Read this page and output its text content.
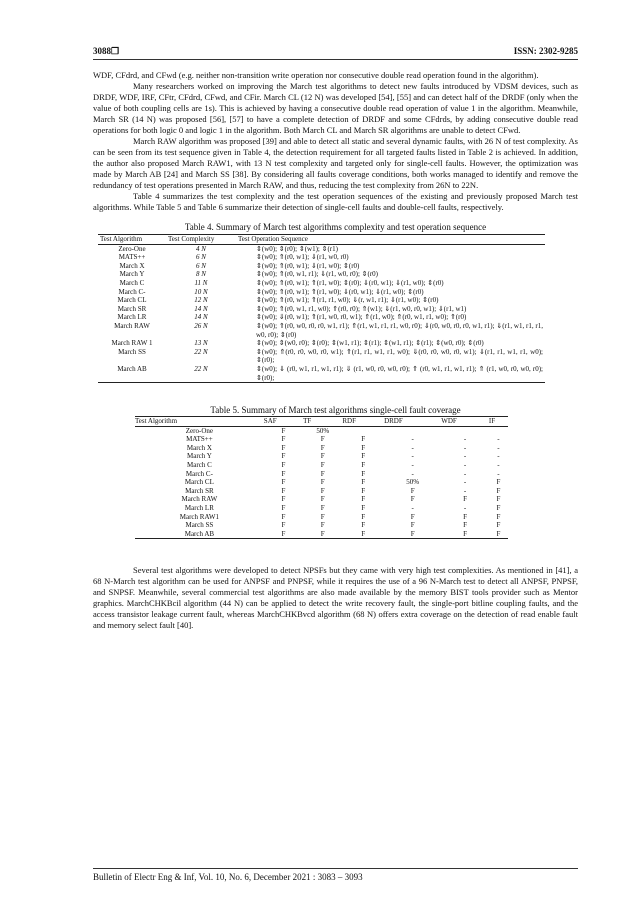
3088❒	ISSN: 2302-9285

WDF, CFdrd, and CFwd (e.g. neither non-transition write operation nor consecutive double read operation found in the algorithm).

Many researchers worked on improving the March test algorithms to detect new faults introduced by VDSM devices, such as DRDF, WDF, IRF, CFtr, CFdrd, CFwd, and CFir. March CL (12 N) was developed [54], [55] and can detect half of the DRDF (only when the value of both coupling cells are 1s). This is achieved by having a consecutive double read operation of value 1 in the algorithm. Meanwhile, March SR (14 N) was proposed [56], [57] to have a complete detection of DRDF and some CFdrds, by adding consecutive double read operations for both logic 0 and logic 1 in the algorithm. Both March CL and March SR algorithms are unable to detect CFwd.

March RAW algorithm was proposed [39] and able to detect all static and several dynamic faults, with 26 N of test complexity. As can be seen from its test sequence given in Table 4, the detection requirement for all targeted faults listed in Table 2 is achieved. In addition, the author also proposed March RAW1, with 13 N test complexity and targeted only for single-cell faults. However, the optimization was made by March AB [24] and March SS [38]. By considering all faults coverage conditions, both works managed to identify and remove the redundancy of test operations presented in March RAW, and thus, reducing the test complexity from 26N to 22N.

Table 4 summarizes the test complexity and the test operation sequences of the existing and previously proposed March test algorithms. While Table 5 and Table 6 summarize their detection of single-cell faults and double-cell faults, respectively.

Table 4. Summary of March test algorithms complexity and test operation sequence
Test Algorithm	Test Complexity	Test Operation Sequence
Zero-One	4 N	⇕(w0); ⇕(r0); ⇕(w1); ⇕(r1)
MATS++	6 N	⇕(w0); ⇑(r0, w1); ⇓(r1, w0, r0)
March X	6 N	⇕(w0); ⇑(r0, w1); ⇓(r1, w0); ⇕(r0)
March Y	8 N	⇕(w0); ⇑(r0, w1, r1); ⇓(r1, w0, r0); ⇕(r0)
March C	11 N	⇕(w0); ⇑(r0, w1); ⇑(r1, w0); ⇕(r0); ⇓(r0, w1); ⇓(r1, w0); ⇕(r0)
March C-	10 N	⇕(w0); ⇑(r0, w1); ⇑(r1, w0); ⇓(r0, w1); ⇓(r1, w0); ⇕(r0)
March CL	12 N	⇕(w0); ⇑(r0, w1); ⇑(r1, r1, w0); ⇓(r, w1, r1); ⇓(r1, w0); ⇕(r0)
March SR	14 N	⇕(w0); ⇑(r0, w1, r1, w0); ⇑(r0, r0); ⇑(w1); ⇓(r1, w0, r0, w1); ⇓(r1, w1)
March LR	14 N	⇕(w0); ⇓(r0, w1); ⇑(r1, w0, r0, w1); ⇑(r1, w0); ⇑(r0, w1, r1, w0); ⇑(r0)
March RAW	26 N	⇕(w0); ⇑(r0, w0, r0, r0, w1, r1); ⇑(r1, w1, r1, r1, w0, r0); ⇓(r0, w0, r0, r0, w1, r1); ⇓(r1, w1, r1, r1, w0, r0); ⇕(r0)
March RAW 1	13 N	⇕(w0); ⇕(w0, r0); ⇕(r0); ⇕(w1, r1); ⇕(r1); ⇕(w1, r1); ⇕(r1); ⇕(w0, r0); ⇕(r0)
March SS	22 N	⇕(w0); ⇑(r0, r0, w0, r0, w1); ⇑(r1, r1, w1, r1, w0); ⇓(r0, r0, w0, r0, w1); ⇓(r1, r1, w1, r1, w0); ⇕(r0);
March AB	22 N	⇕(w0); ⇓ (r0, w1, r1, w1, r1); ⇓ (r1, w0, r0, w0, r0); ⇑ (r0, w1, r1, w1, r1); ⇑ (r1, w0, r0, w0, r0); ⇕(r0);
Table 5. Summary of March test algorithms single-cell fault coverage
Test Algorithm	SAF	TF	RDF	DRDF	WDF	IF
Zero-One	F	50%				
MATS++	F	F	F	-	-	-
March X	F	F	F	-	-	-
March Y	F	F	F	-	-	-
March C	F	F	F	-	-	-
March C-	F	F	F	-	-	-
March CL	F	F	F	50%	-	F
March SR	F	F	F	F	-	F
March RAW	F	F	F	F	F	F
March LR	F	F	F	-	-	F
March RAW1	F	F	F	F	F	F
March SS	F	F	F	F	F	F
March AB	F	F	F	F	F	F

Several test algorithms were developed to detect NPSFs but they came with very high test complexities. As mentioned in [41], a 68 N-March test algorithm can be used for ANPSF and PNPSF, while it requires the use of a 96 N-March test to detect all ANPSF, PNPSF, and SNPSF. Meanwhile, several commercial test algorithms are also made available by the memory BIST tools provider such as Mentor graphics. MarchCHKBcil algorithm (44 N) can be applied to detect the write recovery fault, the single-port bitline coupling faults, and the access transistor leakage current fault, whereas MarchCHKBvcd algorithm (68 N) offers extra coverage on the detection of read enable fault and memory select fault [40].

Bulletin of Electr Eng & Inf, Vol. 10, No. 6, December 2021 : 3083 – 3093
